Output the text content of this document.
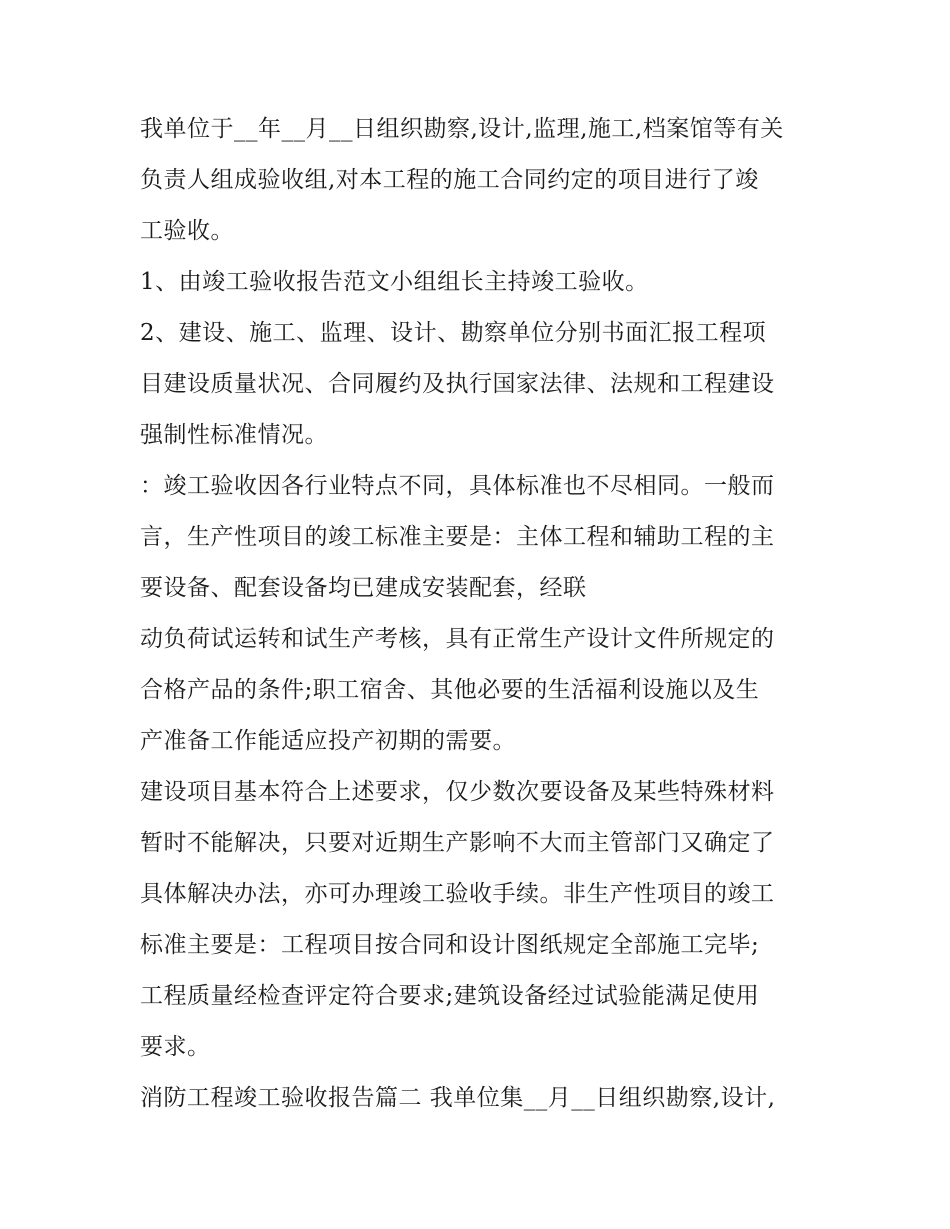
我单位于__年__月__日组织勘察,设计,监理,施工,档案馆等有关
负责人组成验收组,对本工程的施工合同约定的项目进行了竣
工验收。
1、由竣工验收报告范文小组组长主持竣工验收。
2、建设、施工、监理、设计、勘察单位分别书面汇报工程项
目建设质量状况、合同履约及执行国家法律、法规和工程建设
强制性标准情况。
：竣工验收因各行业特点不同，具体标准也不尽相同。一般而
言，生产性项目的竣工标准主要是：主体工程和辅助工程的主
要设备、配套设备均已建成安装配套，经联
动负荷试运转和试生产考核，具有正常生产设计文件所规定的
合格产品的条件;职工宿舍、其他必要的生活福利设施以及生
产准备工作能适应投产初期的需要。
建设项目基本符合上述要求，仅少数次要设备及某些特殊材料
暂时不能解决，只要对近期生产影响不大而主管部门又确定了
具体解决办法，亦可办理竣工验收手续。非生产性项目的竣工
标准主要是：工程项目按合同和设计图纸规定全部施工完毕;
工程质量经检查评定符合要求;建筑设备经过试验能满足使用
要求。
消防工程竣工验收报告篇二 我单位集__月__日组织勘察,设计,
